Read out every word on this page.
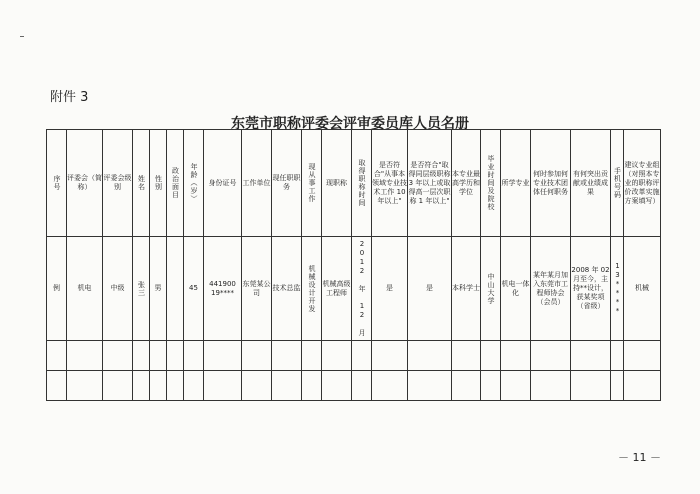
附件 3
东莞市职称评委会评审委员库人员名册
序号	评委会（简称）	评委会级别	姓名	性别	政治面目	年龄（岁）	身份证号	工作单位	现任职职务	现从事工作	现职称	取得职称时间	是否符合"从事本领域专业技术工作 10 年以上"	是否符合"取得同层级职称 3 年以上或取得高一层次职称 1 年以上"	本专业最高学历和学位	毕业时间及院校	所学专业	何时参加何专业技术团体任何职务	有何突出贡献或业绩成果	手机号码	建议专业组（对照本专业的职称评价改革实施方案填写）
例	机电	中级	张三	男		45	441900 19****	东莞某公司	技术总监	机械设计开发	机械高级工程师	2012 年 12 月	是	是	本科学士	中山大学	机电一体化	某年某月加入东莞市工程师协会（会员）	2008 年 02 月至今，主持**设计，获某奖项（省级）	13****	机械

－ 11 －
